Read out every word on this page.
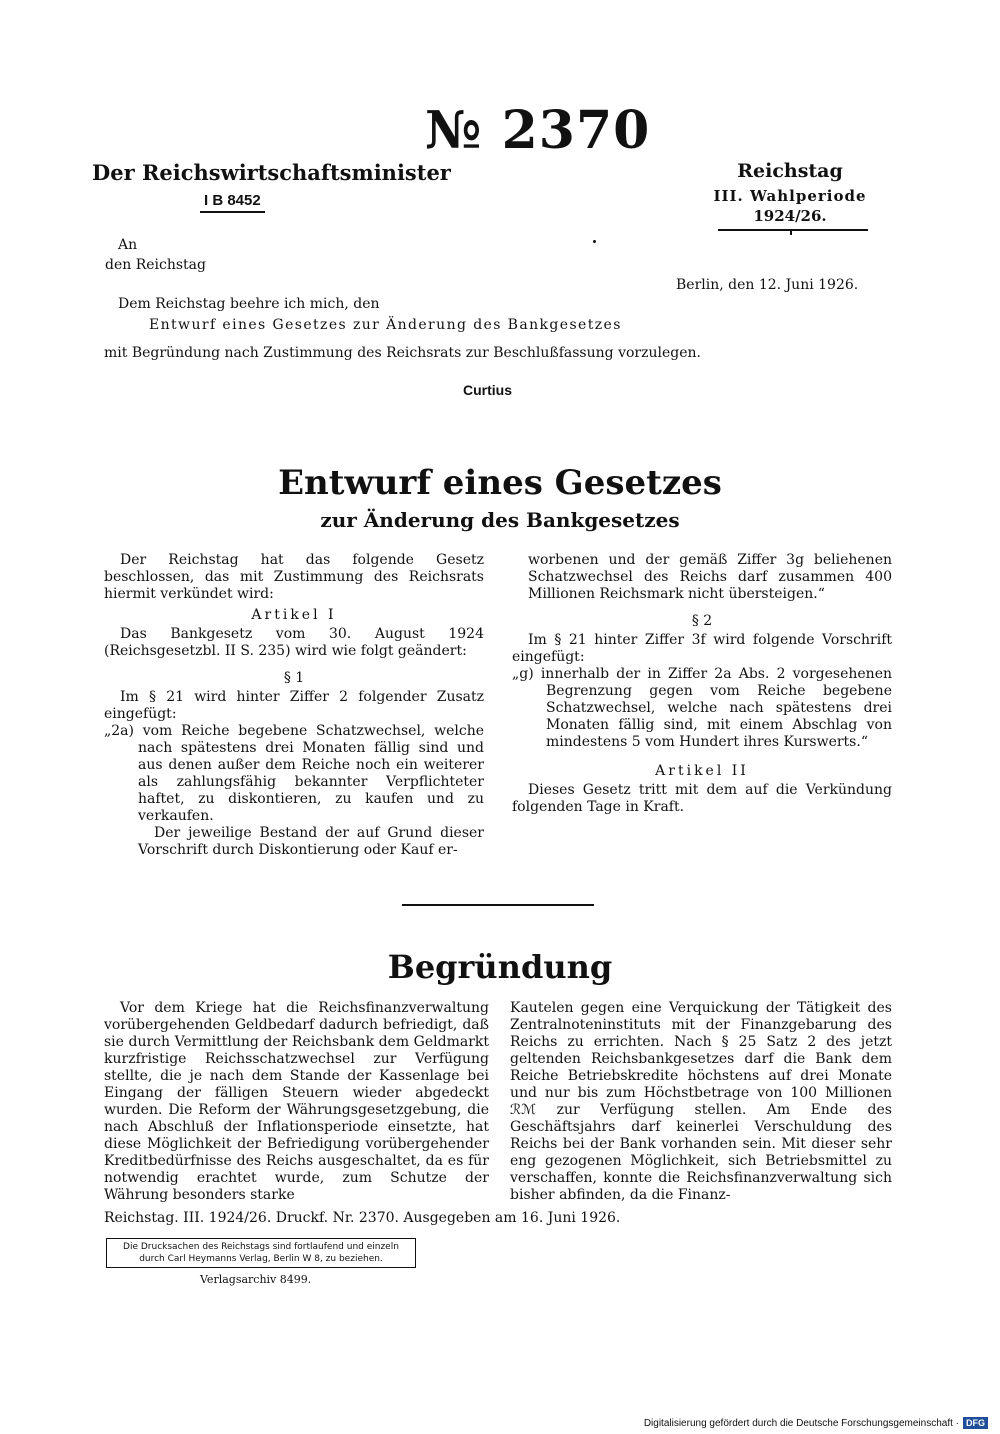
№ 2370
Der Reichswirtschaftsminister
I B 8452
Reichstag
III. Wahlperiode
1924/26.
An
den Reichstag
Berlin, den 12. Juni 1926.
Dem Reichstag beehre ich mich, den
Entwurf eines Gesetzes zur Änderung des Bankgesetzes
mit Begründung nach Zustimmung des Reichsrats zur Beschlußfassung vorzulegen.
Curtius
Entwurf eines Gesetzes
zur Änderung des Bankgesetzes

Der Reichstag hat das folgende Gesetz beschlossen, das mit Zustimmung des Reichsrats hiermit verkündet wird:

Artikel I

Das Bankgesetz vom 30. August 1924 (Reichsgesetzbl. II S. 235) wird wie folgt geändert:

§ 1

Im § 21 wird hinter Ziffer 2 folgender Zusatz eingefügt:

„2a) vom Reiche begebene Schatzwechsel, welche nach spätestens drei Monaten fällig sind und aus denen außer dem Reiche noch ein weiterer als zahlungsfähig bekannter Verpflichteter haftet, zu diskontieren, zu kaufen und zu verkaufen.

Der jeweilige Bestand der auf Grund dieser Vorschrift durch Diskontierung oder Kauf er-

worbenen und der gemäß Ziffer 3g beliehenen Schatzwechsel des Reichs darf zusammen 400 Millionen Reichsmark nicht übersteigen.“

§ 2

Im § 21 hinter Ziffer 3f wird folgende Vorschrift eingefügt:

„g) innerhalb der in Ziffer 2a Abs. 2 vorgesehenen Begrenzung gegen vom Reiche begebene Schatzwechsel, welche nach spätestens drei Monaten fällig sind, mit einem Abschlag von mindestens 5 vom Hundert ihres Kurswerts.“

Artikel II

Dieses Gesetz tritt mit dem auf die Verkündung folgenden Tage in Kraft.

Begründung

Vor dem Kriege hat die Reichsfinanzverwaltung vorübergehenden Geldbedarf dadurch befriedigt, daß sie durch Vermittlung der Reichsbank dem Geldmarkt kurzfristige Reichsschatzwechsel zur Verfügung stellte, die je nach dem Stande der Kassenlage bei Eingang der fälligen Steuern wieder abgedeckt wurden. Die Reform der Währungsgesetzgebung, die nach Abschluß der Inflationsperiode einsetzte, hat diese Möglichkeit der Befriedigung vorübergehender Kreditbedürfnisse des Reichs ausgeschaltet, da es für notwendig erachtet wurde, zum Schutze der Währung besonders starke

Kautelen gegen eine Verquickung der Tätigkeit des Zentralnoteninstituts mit der Finanzgebarung des Reichs zu errichten. Nach § 25 Satz 2 des jetzt geltenden Reichsbankgesetzes darf die Bank dem Reiche Betriebskredite höchstens auf drei Monate und nur bis zum Höchstbetrage von 100 Millionen ℛℳ zur Verfügung stellen. Am Ende des Geschäftsjahrs darf keinerlei Verschuldung des Reichs bei der Bank vorhanden sein. Mit dieser sehr eng gezogenen Möglichkeit, sich Betriebsmittel zu verschaffen, konnte die Reichsfinanzverwaltung sich bisher abfinden, da die Finanz-

Reichstag. III. 1924/26. Druckf. Nr. 2370. Ausgegeben am 16. Juni 1926.
Die Drucksachen des Reichstags sind fortlaufend und einzeln durch Carl Heymanns Verlag, Berlin W 8, zu beziehen.
Verlagsarchiv 8499.
Digitalisierung gefördert durch die Deutsche Forschungsgemeinschaft · DFG
